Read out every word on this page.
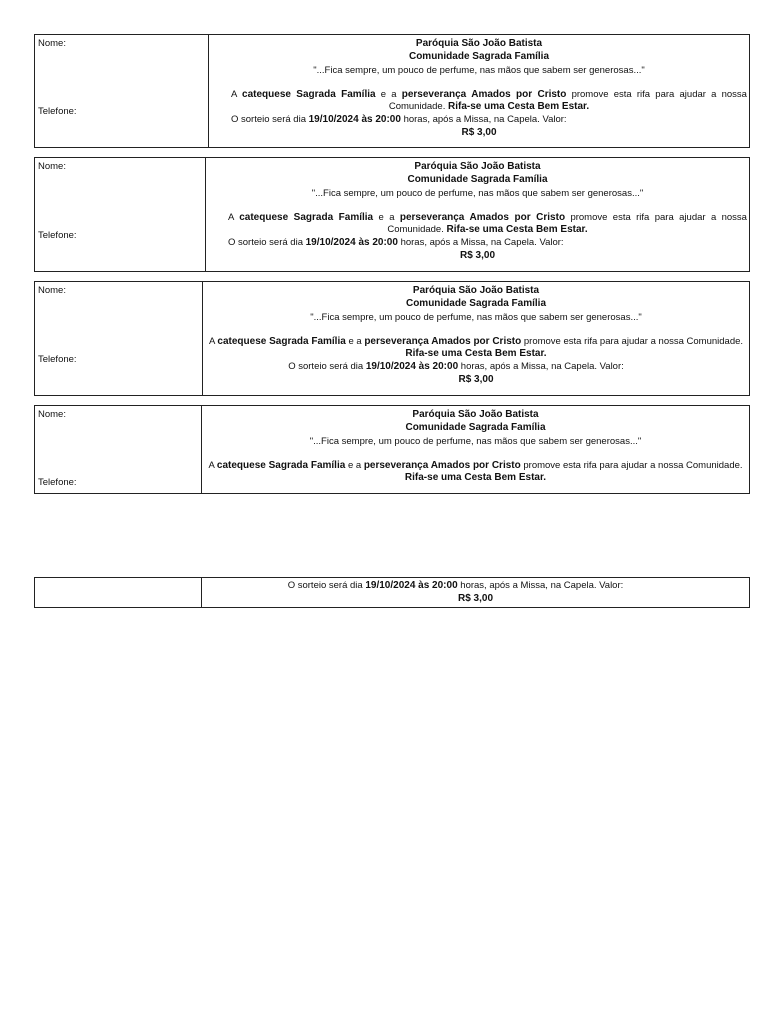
Nome:
Telefone:
Paróquia São João Batista
Comunidade Sagrada Família
"...Fica sempre, um pouco de perfume, nas mãos que sabem ser generosas..."
A catequese Sagrada Família e a perseverança Amados por Cristo promove esta rifa para ajudar a nossa Comunidade. Rifa-se uma Cesta Bem Estar.
O sorteio será dia 19/10/2024 às 20:00 horas, após a Missa, na Capela. Valor:
R$ 3,00
Nome:
Telefone:
Paróquia São João Batista
Comunidade Sagrada Família
"...Fica sempre, um pouco de perfume, nas mãos que sabem ser generosas..."
A catequese Sagrada Família e a perseverança Amados por Cristo promove esta rifa para ajudar a nossa Comunidade. Rifa-se uma Cesta Bem Estar.
O sorteio será dia 19/10/2024 às 20:00 horas, após a Missa, na Capela. Valor:
R$ 3,00
Nome:
Telefone:
Paróquia São João Batista
Comunidade Sagrada Família
"...Fica sempre, um pouco de perfume, nas mãos que sabem ser generosas..."
A catequese Sagrada Família e a perseverança Amados por Cristo promove esta rifa para ajudar a nossa Comunidade.
Rifa-se uma Cesta Bem Estar.
O sorteio será dia 19/10/2024 às 20:00 horas, após a Missa, na Capela. Valor:
R$ 3,00
Nome:
Telefone:
Paróquia São João Batista
Comunidade Sagrada Família
"...Fica sempre, um pouco de perfume, nas mãos que sabem ser generosas..."
A catequese Sagrada Família e a perseverança Amados por Cristo promove esta rifa para ajudar a nossa Comunidade.
Rifa-se uma Cesta Bem Estar.
O sorteio será dia 19/10/2024 às 20:00 horas, após a Missa, na Capela. Valor:
R$ 3,00
